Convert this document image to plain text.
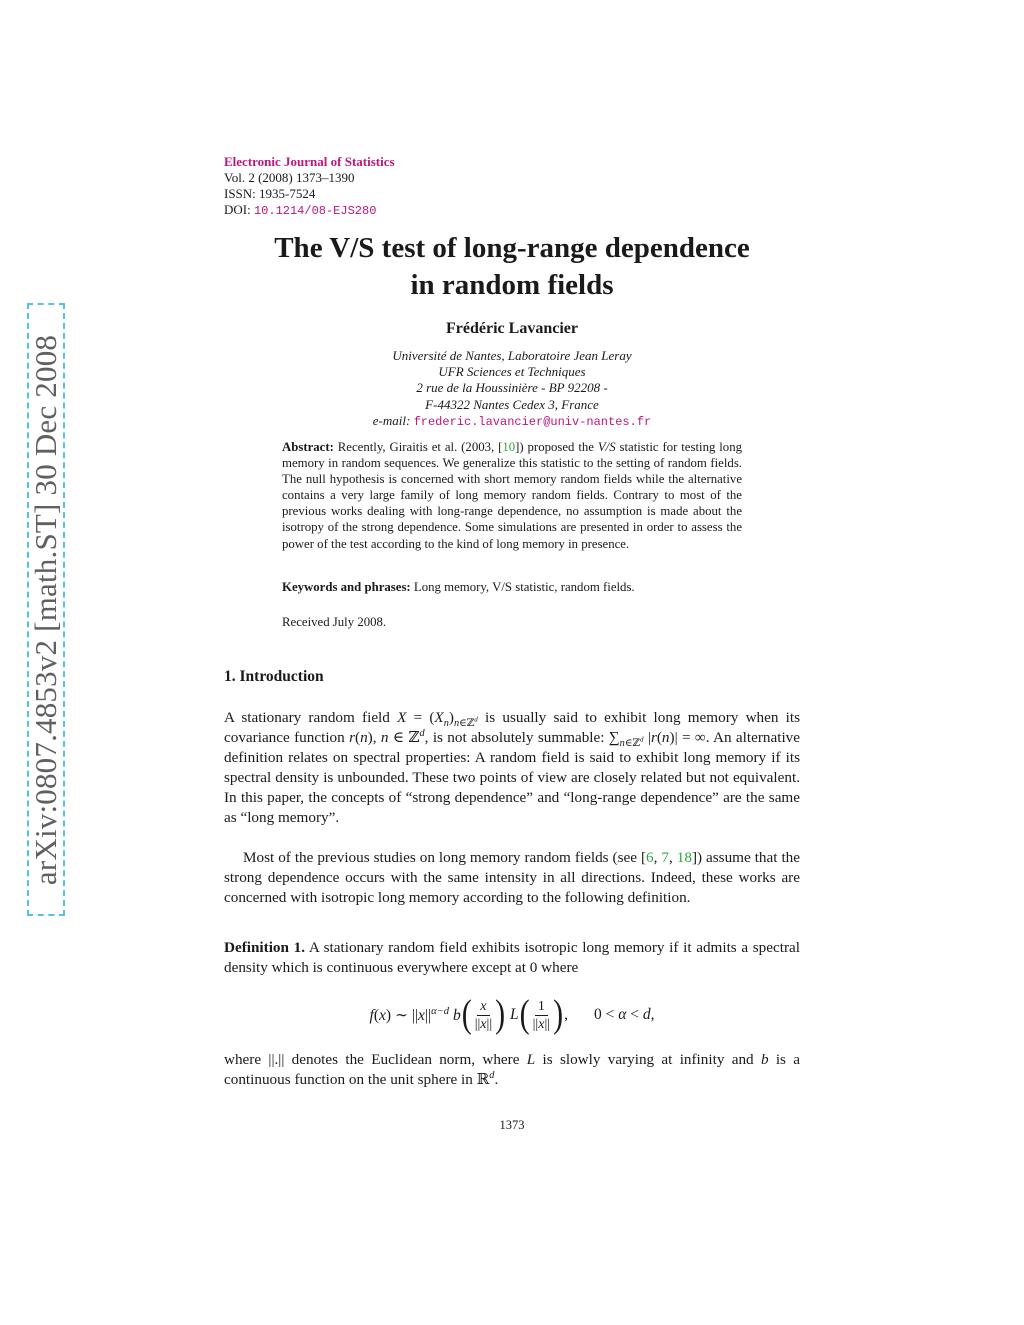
arXiv:0807.4853v2 [math.ST] 30 Dec 2008
Electronic Journal of Statistics
Vol. 2 (2008) 1373–1390
ISSN: 1935-7524
DOI: 10.1214/08-EJS280
The V/S test of long-range dependence
in random fields
Frédéric Lavancier
Université de Nantes, Laboratoire Jean Leray
UFR Sciences et Techniques
2 rue de la Houssinière - BP 92208 -
F-44322 Nantes Cedex 3, France
e-mail: frederic.lavancier@univ-nantes.fr
Abstract: Recently, Giraitis et al. (2003, [10]) proposed the V/S statistic for testing long memory in random sequences. We generalize this statistic to the setting of random fields. The null hypothesis is concerned with short memory random fields while the alternative contains a very large family of long memory random fields. Contrary to most of the previous works dealing with long-range dependence, no assumption is made about the isotropy of the strong dependence. Some simulations are presented in order to assess the power of the test according to the kind of long memory in presence.
Keywords and phrases: Long memory, V/S statistic, random fields.
Received July 2008.
1. Introduction
A stationary random field $X = (X_n)_{n\in ℤ^d}$ is usually said to exhibit long memory when its covariance function r(n), n ∈ ℤ$^d$, is not absolutely summable: $\sum_{n\in ℤ^d}$ |r(n)| = ∞. An alternative definition relates on spectral properties: A random field is said to exhibit long memory if its spectral density is unbounded. These two points of view are closely related but not equivalent. In this paper, the concepts of “strong dependence” and “long-range dependence” are the same as “long memory”.
Most of the previous studies on long memory random fields (see [6, 7, 18]) assume that the strong dependence occurs with the same intensity in all directions. Indeed, these works are concerned with isotropic long memory according to the following definition.
Definition 1. A stationary random field exhibits isotropic long memory if it admits a spectral density which is continuous everywhere except at 0 where
f(x) ∼ $||x||^{\alpha-d}$ b ( $\frac{x}{||x||}$ ) L ( $\frac{1}{||x||}$ ) , 0 < α < d,
where ||.|| denotes the Euclidean norm, where L is slowly varying at infinity and b is a continuous function on the unit sphere in ℝ$^d$.
1373
